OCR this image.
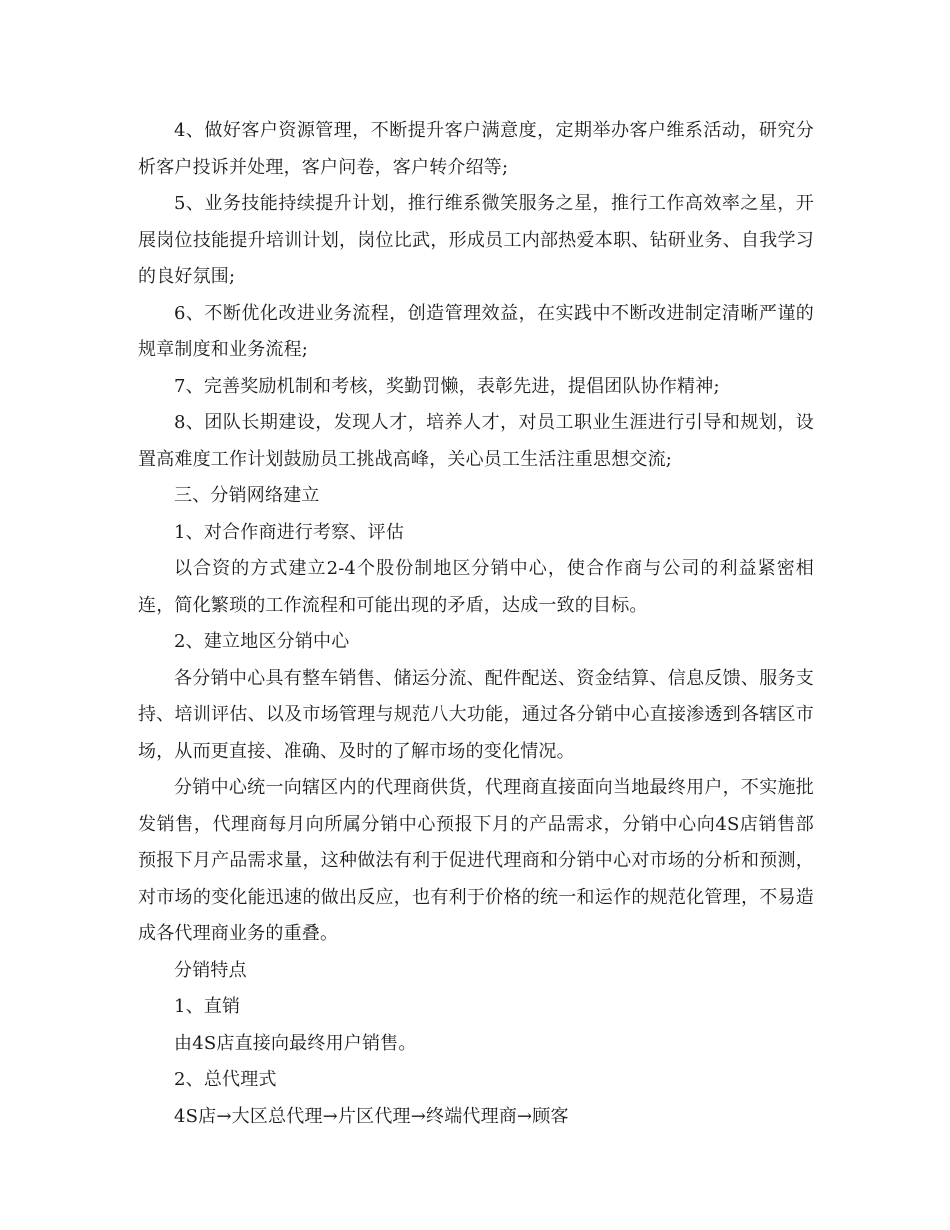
4、做好客户资源管理，不断提升客户满意度，定期举办客户维系活动，研究分析客户投诉并处理，客户问卷，客户转介绍等;

5、业务技能持续提升计划，推行维系微笑服务之星，推行工作高效率之星，开展岗位技能提升培训计划，岗位比武，形成员工内部热爱本职、钻研业务、自我学习的良好氛围;

6、不断优化改进业务流程，创造管理效益，在实践中不断改进制定清晰严谨的规章制度和业务流程;

7、完善奖励机制和考核，奖勤罚懒，表彰先进，提倡团队协作精神;

8、团队长期建设，发现人才，培养人才，对员工职业生涯进行引导和规划，设置高难度工作计划鼓励员工挑战高峰，关心员工生活注重思想交流;

三、分销网络建立

1、对合作商进行考察、评估

以合资的方式建立2-4个股份制地区分销中心，使合作商与公司的利益紧密相连，简化繁琐的工作流程和可能出现的矛盾，达成一致的目标。

2、建立地区分销中心

各分销中心具有整车销售、储运分流、配件配送、资金结算、信息反馈、服务支持、培训评估、以及市场管理与规范八大功能，通过各分销中心直接渗透到各辖区市场，从而更直接、准确、及时的了解市场的变化情况。

分销中心统一向辖区内的代理商供货，代理商直接面向当地最终用户，不实施批发销售，代理商每月向所属分销中心预报下月的产品需求，分销中心向4S店销售部预报下月产品需求量，这种做法有利于促进代理商和分销中心对市场的分析和预测，对市场的变化能迅速的做出反应，也有利于价格的统一和运作的规范化管理，不易造成各代理商业务的重叠。

分销特点

1、直销

由4S店直接向最终用户销售。

2、总代理式

4S店→大区总代理→片区代理→终端代理商→顾客
